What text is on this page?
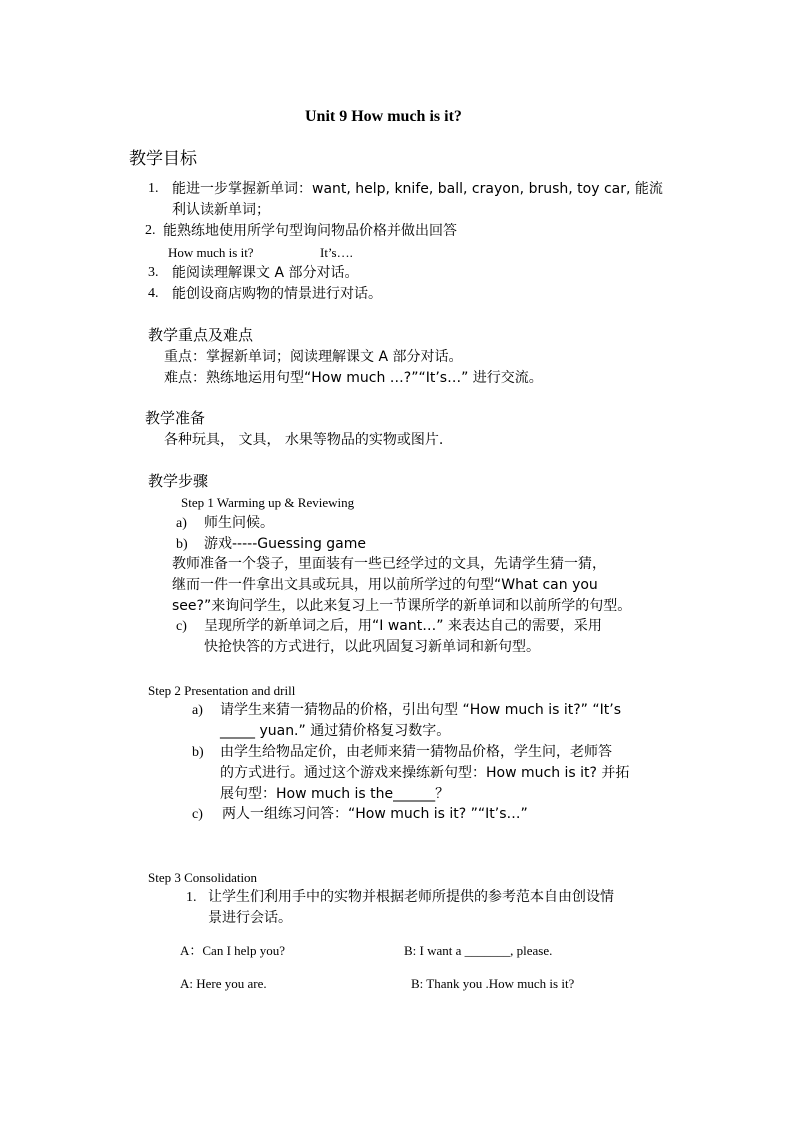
Unit 9 How much is it?
教学目标
1. 能进一步掌握新单词：want, help, knife, ball, crayon, brush, toy car, 能流
利认读新单词；
2. 能熟练地使用所学句型询问物品价格并做出回答
How much is it?	It’s….
3. 能阅读理解课文 A 部分对话。
4. 能创设商店购物的情景进行对话。
教学重点及难点
重点：掌握新单词；阅读理解课文 A 部分对话。
难点：熟练地运用句型“How much …?”“It’s…” 进行交流。
教学准备
各种玩具， 文具， 水果等物品的实物或图片.
教学步骤
Step 1 Warming up & Reviewing
a) 师生问候。
b) 游戏-----Guessing game
教师准备一个袋子，里面装有一些已经学过的文具，先请学生猜一猜，
继而一件一件拿出文具或玩具，用以前所学过的句型“What can you
see?”来询问学生，以此来复习上一节课所学的新单词和以前所学的句型。
c) 呈现所学的新单词之后，用“I want…” 来表达自己的需要，采用
快抢快答的方式进行，以此巩固复习新单词和新句型。
Step 2 Presentation and drill
a) 请学生来猜一猜物品的价格，引出句型 “How much is it?” “It’s
_____ yuan.” 通过猜价格复习数字。
b) 由学生给物品定价，由老师来猜一猜物品价格，学生问，老师答
的方式进行。通过这个游戏来操练新句型：How much is it? 并拓
展句型：How much is the______？
c) 两人一组练习问答：“How much is it? ”“It’s…”
Step 3 Consolidation
1. 让学生们利用手中的实物并根据老师所提供的参考范本自由创设情
景进行会话。
A：Can I help you?	B: I want a _______, please.
A: Here you are.	B: Thank you .How much is it?
